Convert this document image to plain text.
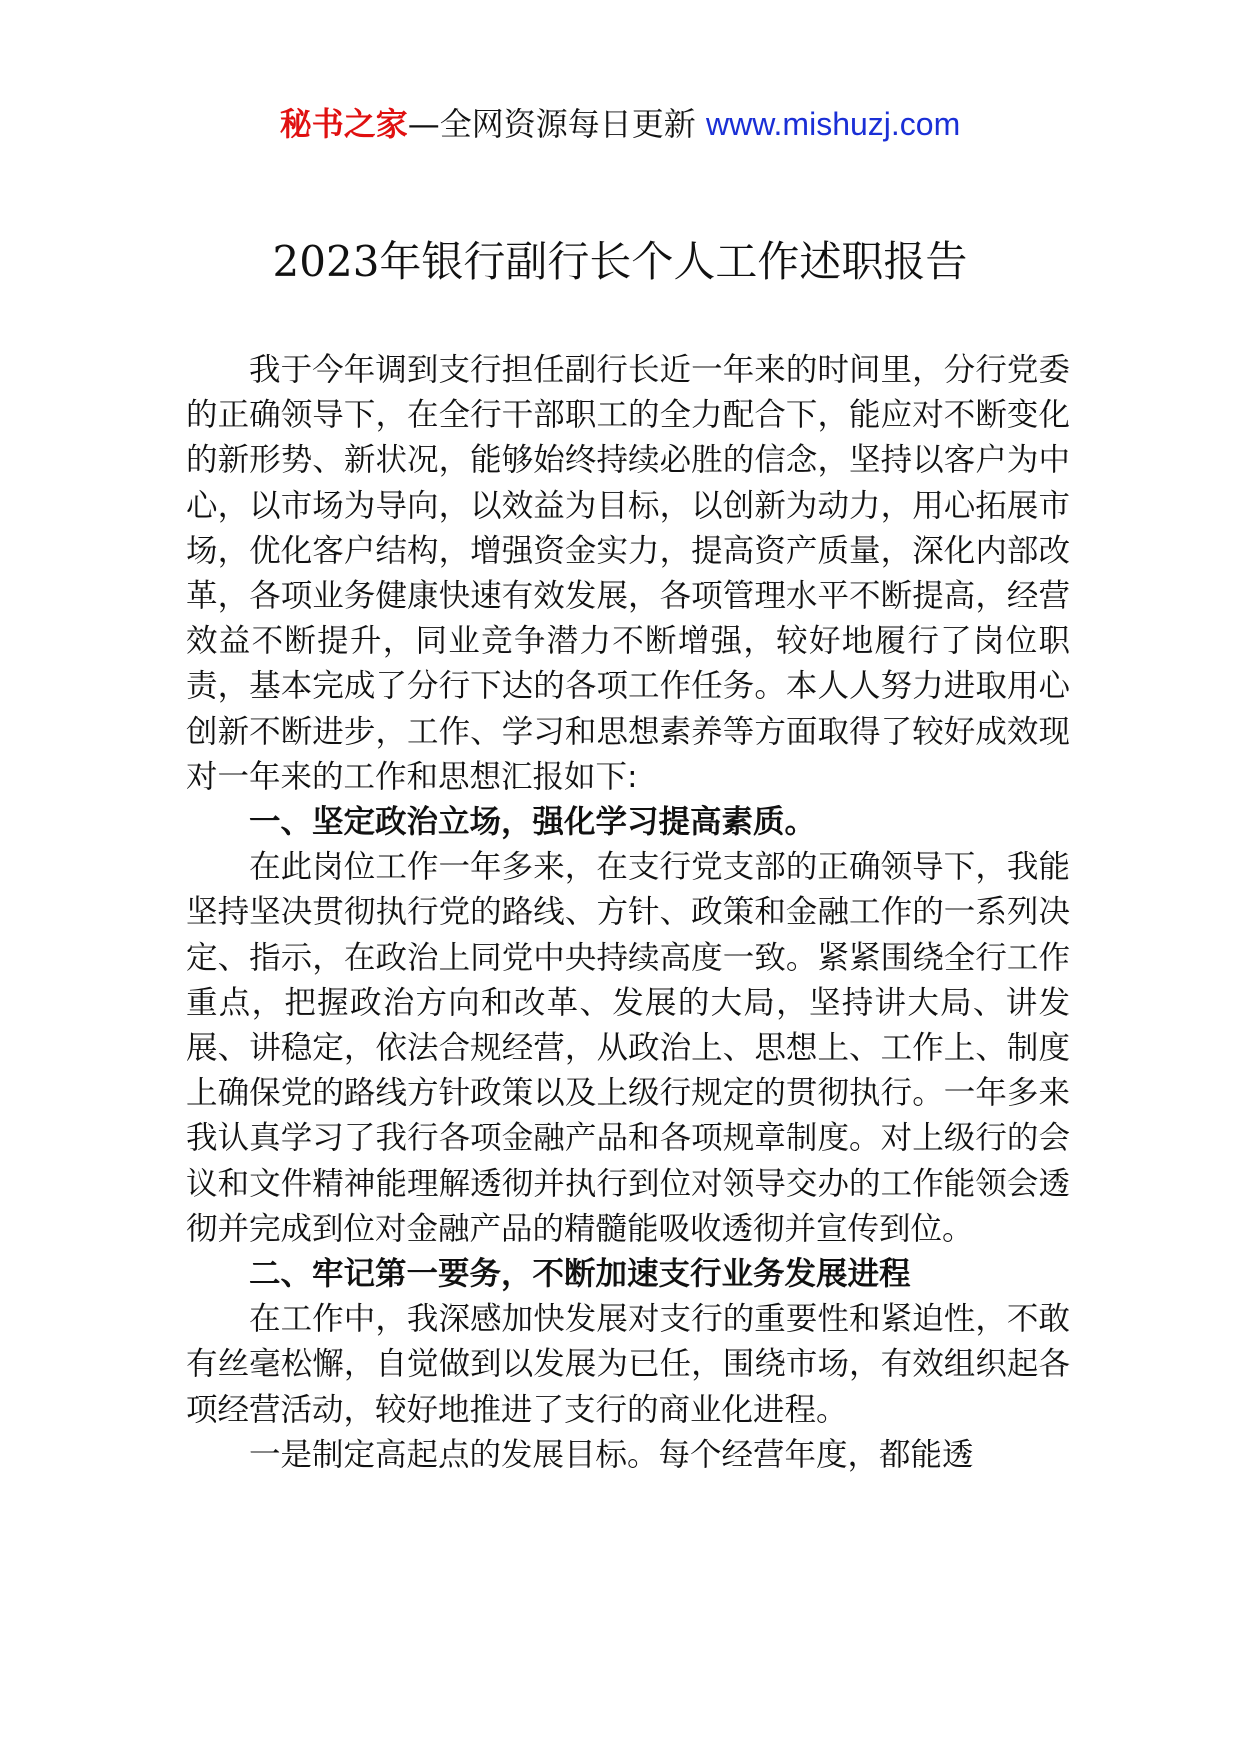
秘书之家—全网资源每日更新 www.mishuzj.com
2023年银行副行长个人工作述职报告

我于今年调到支行担任副行长近一年来的时间里，分行党委的正确领导下，在全行干部职工的全力配合下，能应对不断变化的新形势、新状况，能够始终持续必胜的信念，坚持以客户为中心，以市场为导向，以效益为目标，以创新为动力，用心拓展市场，优化客户结构，增强资金实力，提高资产质量，深化内部改革，各项业务健康快速有效发展，各项管理水平不断提高，经营效益不断提升，同业竞争潜力不断增强，较好地履行了岗位职责，基本完成了分行下达的各项工作任务。本人人努力进取用心创新不断进步，工作、学习和思想素养等方面取得了较好成效现对一年来的工作和思想汇报如下:

一、坚定政治立场，强化学习提高素质。

在此岗位工作一年多来，在支行党支部的正确领导下，我能坚持坚决贯彻执行党的路线、方针、政策和金融工作的一系列决定、指示，在政治上同党中央持续高度一致。紧紧围绕全行工作重点，把握政治方向和改革、发展的大局，坚持讲大局、讲发展、讲稳定，依法合规经营，从政治上、思想上、工作上、制度上确保党的路线方针政策以及上级行规定的贯彻执行。一年多来我认真学习了我行各项金融产品和各项规章制度。对上级行的会议和文件精神能理解透彻并执行到位对领导交办的工作能领会透彻并完成到位对金融产品的精髓能吸收透彻并宣传到位。

二、牢记第一要务，不断加速支行业务发展进程

在工作中，我深感加快发展对支行的重要性和紧迫性，不敢有丝毫松懈，自觉做到以发展为已任，围绕市场，有效组织起各项经营活动，较好地推进了支行的商业化进程。

一是制定高起点的发展目标。每个经营年度，都能透
